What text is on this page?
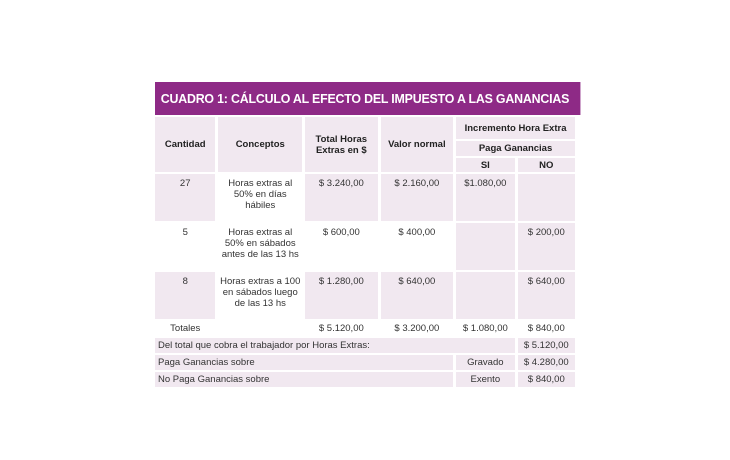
CUADRO 1: CÁLCULO AL EFECTO DEL IMPUESTO A LAS GANANCIAS
Cantidad	Conceptos	Total Horas Extras en $	Valor normal	Incremento Hora Extra	
				Paga Ganancias	
				SI	NO
27	Horas extras al 50% en días hábiles	$ 3.240,00	$ 2.160,00	$1.080,00	
5	Horas extras al 50% en sábados antes de las 13 hs	$ 600,00	$ 400,00		$ 200,00
8	Horas extras a 100 en sábados luego de las 13 hs	$ 1.280,00	$ 640,00		$ 640,00
Totales		$ 5.120,00	$ 3.200,00	$ 1.080,00	$ 840,00
Del total que cobra el trabajador por Horas Extras:					$ 5.120,00
Paga Ganancias sobre				Gravado	$ 4.280,00
No Paga Ganancias sobre				Exento	$ 840,00
